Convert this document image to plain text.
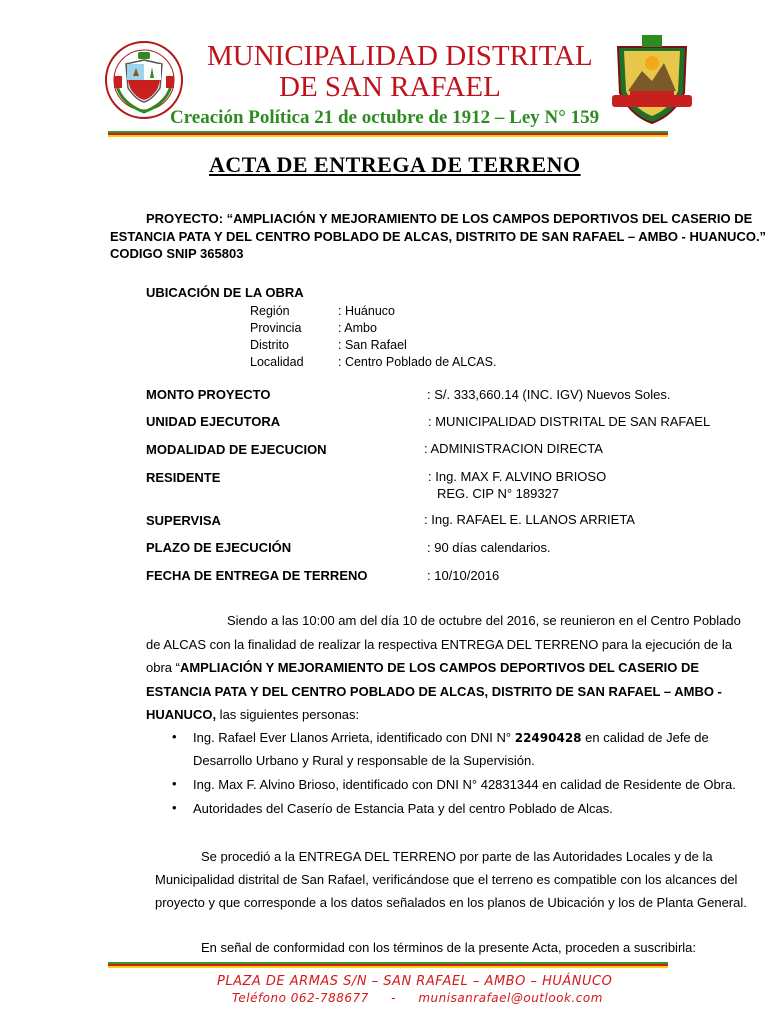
MUNICIPALIDAD DISTRITAL
DE SAN RAFAEL
Creación Política 21 de octubre de 1912 – Ley N° 159
ACTA DE ENTREGA DE TERRENO
PROYECTO: “AMPLIACIÓN Y MEJORAMIENTO DE LOS CAMPOS DEPORTIVOS DEL CASERIO DE
ESTANCIA PATA Y DEL CENTRO POBLADO DE ALCAS, DISTRITO DE SAN RAFAEL – AMBO - HUANUCO.”
CODIGO SNIP 365803
UBICACIÓN DE LA OBRA
Región	: Huánuco
Provincia	: Ambo
Distrito	: San Rafael
Localidad	: Centro Poblado de ALCAS.
MONTO PROYECTO	: S/. 333,660.14 (INC. IGV) Nuevos Soles.
UNIDAD EJECUTORA	: MUNICIPALIDAD DISTRITAL DE SAN RAFAEL
MODALIDAD DE EJECUCION	: ADMINISTRACION DIRECTA
RESIDENTE	: Ing. MAX F. ALVINO BRIOSO
REG. CIP N° 189327
SUPERVISA	: Ing. RAFAEL E. LLANOS ARRIETA
PLAZO DE EJECUCIÓN	: 90 días calendarios.
FECHA DE ENTREGA DE TERRENO	: 10/10/2016
Siendo a las 10:00 am del día 10 de octubre del 2016, se reunieron en el Centro Poblado
de ALCAS con la finalidad de realizar la respectiva ENTREGA DEL TERRENO para la ejecución de la
obra “AMPLIACIÓN Y MEJORAMIENTO DE LOS CAMPOS DEPORTIVOS DEL CASERIO DE
ESTANCIA PATA Y DEL CENTRO POBLADO DE ALCAS, DISTRITO DE SAN RAFAEL – AMBO -
HUANUCO, las siguientes personas:
• Ing. Rafael Ever Llanos Arrieta, identificado con DNI N° 22490428 en calidad de Jefe de
Desarrollo Urbano y Rural y responsable de la Supervisión.
• Ing. Max F. Alvino Brioso, identificado con DNI N° 42831344 en calidad de Residente de Obra.
• Autoridades del Caserío de Estancia Pata y del centro Poblado de Alcas.
Se procedió a la ENTREGA DEL TERRENO por parte de las Autoridades Locales y de la
Municipalidad distrital de San Rafael, verificándose que el terreno es compatible con los alcances del
proyecto y que corresponde a los datos señalados en los planos de Ubicación y los de Planta General.
En señal de conformidad con los términos de la presente Acta, proceden a suscribirla:
PLAZA DE ARMAS S/N – SAN RAFAEL – AMBO – HUÁNUCO
Teléfono 062-788677 - munisanrafael@outlook.com
